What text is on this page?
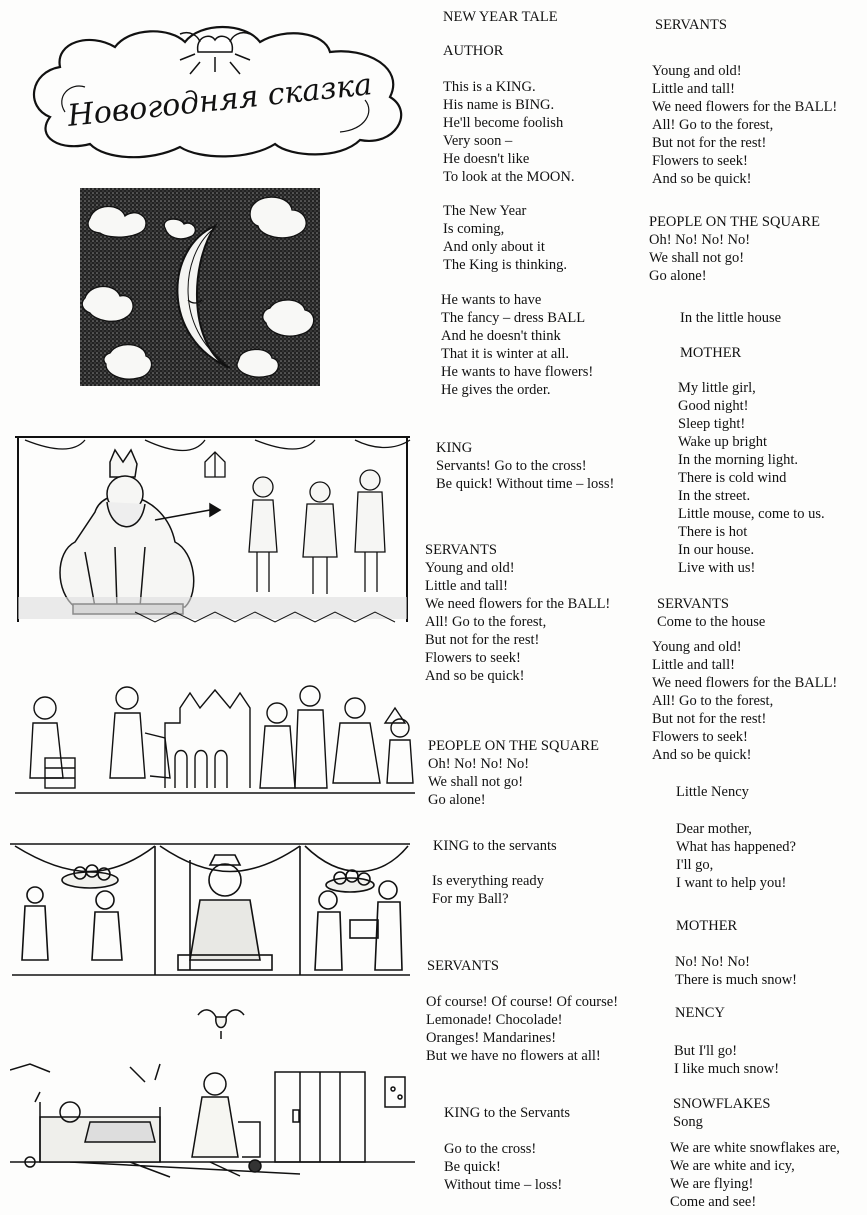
Новогодняя сказка
NEW YEAR TALE
AUTHOR
This is a KING.
His name is BING.
He'll become foolish
Very soon –
He doesn't like
To look at the MOON.
The New Year
Is coming,
And only about it
The King is thinking.
He wants to have
The fancy – dress BALL
And he doesn't think
That it is winter at all.
He wants to have flowers!
He gives the order.
KING
Servants! Go to the cross!
Be quick! Without time – loss!
SERVANTS
Young and old!
Little and tall!
We need flowers for the BALL!
All! Go to the forest,
But not for the rest!
Flowers to seek!
And so be quick!
PEOPLE ON THE SQUARE
Oh! No! No! No!
We shall not go!
Go alone!
KING to the servants
Is everything ready
For my Ball?
SERVANTS
Of course! Of course! Of course!
Lemonade! Chocolade!
Oranges! Mandarines!
But we have no flowers at all!
KING to the Servants
Go to the cross!
Be quick!
Without time – loss!
SERVANTS
Young and old!
Little and tall!
We need flowers for the BALL!
All! Go to the forest,
But not for the rest!
Flowers to seek!
And so be quick!
PEOPLE ON THE SQUARE
Oh! No! No! No!
We shall not go!
Go alone!
In the little house
MOTHER
My little girl,
Good night!
Sleep tight!
Wake up bright
In the morning light.
There is cold wind
In the street.
Little mouse, come to us.
There is hot
In our house.
Live with us!
SERVANTS
Come to the house
Young and old!
Little and tall!
We need flowers for the BALL!
All! Go to the forest,
But not for the rest!
Flowers to seek!
And so be quick!
Little Nency
Dear mother,
What has happened?
I'll go,
I want to help you!
MOTHER
No! No! No!
There is much snow!
NENCY
But I'll go!
I like much snow!
SNOWFLAKES
Song
We are white snowflakes are,
We are white and icy,
We are flying!
Come and see!
